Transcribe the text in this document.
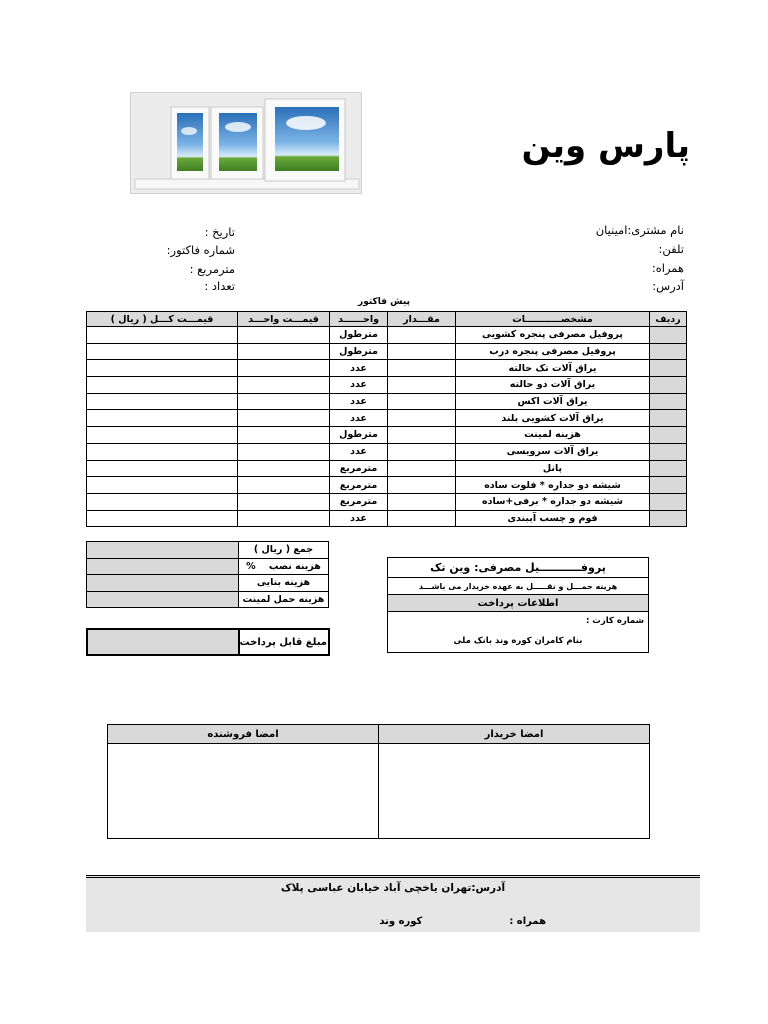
پارس وین
نام مشتری:امینیان
تلفن:
همراه:
آدرس:
تاریخ :
شماره فاکتور:
مترمربع :
تعداد :
پیش فاکتور
ردیف	مشخصـــــــــــات	مقـــدار	واحــــــد	قیمـــت واحـــد	قیمـــت کـــل ( ریال )
	پروفیل مصرفی پنجره کشویی		مترطول		
	پروفیل مصرفی پنجره درب		مترطول		
	یراق آلات تک حالته		عدد		
	یراق آلات دو حالته		عدد		
	یراق آلات اکس		عدد		
	یراق آلات کشویی بلند		عدد		
	هزینه لمینت		مترطول		
	یراق آلات سرویسی		عدد		
	پانل		مترمربع		
	شیشه دو جداره * فلوت ساده		مترمربع		
	شیشه دو جداره * برفی+ساده		مترمربع		
	فوم و چسب آببندی		عدد		
جمع ( ریال )	
هزینه نصب    %	
هزینه بنایی	
هزینه حمل لمینت	
مبلغ قابل پرداخت	
پروفـــــــــــیل مصرفی: وین تک
هزینه حمـــل و نقـــــل به عهده خریدار می باشـــد
اطلاعات پرداخت

شماره کارت :
بنام کامران کوره وند بانک ملی
امضا خریدار	امضا فروشنده

آدرس:تهران یاخچی آباد خیابان عباسی پلاک
همراه :  کوره وند
